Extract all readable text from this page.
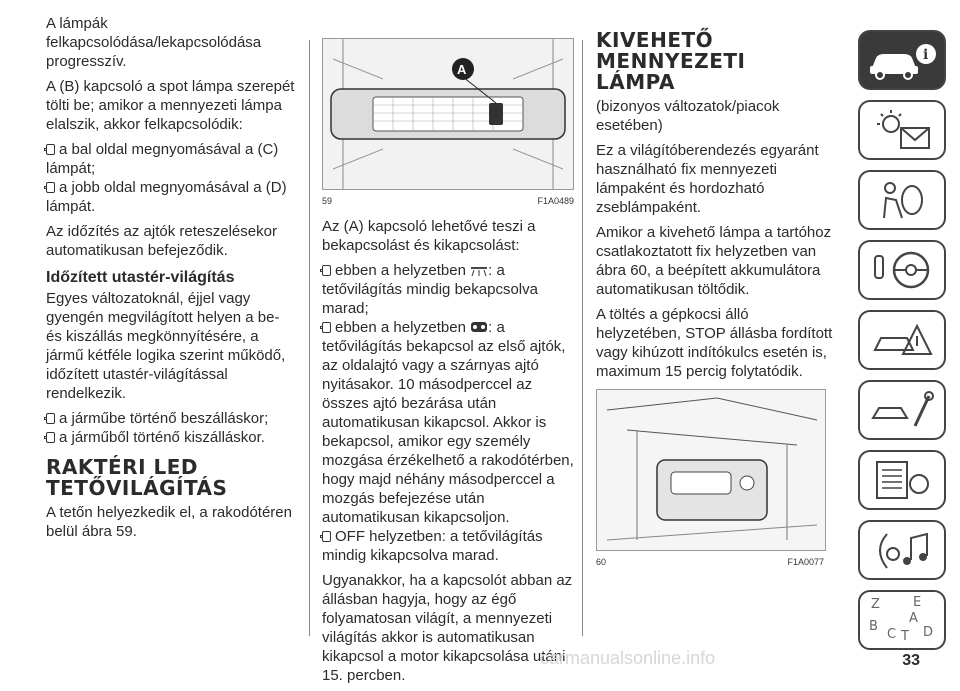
A lámpák felkapcsolódása/lekapcsolódása progresszív.

A (B) kapcsoló a spot lámpa szerepét tölti be; amikor a mennyezeti lámpa elalszik, akkor felkapcsolódik:

a bal oldal megnyomásával a (C) lámpát;

a jobb oldal megnyomásával a (D) lámpát.

Az időzítés az ajtók reteszelésekor automatikusan befejeződik.

Időzített utastér-világítás

Egyes változatoknál, éjjel vagy gyengén megvilágított helyen a be- és kiszállás megkönnyítésére, a jármű kétféle logika szerint működő, időzített utastér-világítással rendelkezik.

a járműbe történő beszálláskor;

a járműből történő kiszálláskor.

RAKTÉRI LED
TETŐVILÁGÍTÁS

A tetőn helyezkedik el, a rakodótéren belül ábra 59.

A
59	F1A0489

Az (A) kapcsoló lehetővé teszi a bekapcsolást és kikapcsolást:

ebben a helyzetben : a tetővilágítás mindig bekapcsolva marad;

ebben a helyzetben : a tetővilágítás bekapcsol az első ajtók, az oldalajtó vagy a szárnyas ajtó nyitásakor. 10 másodperccel az összes ajtó bezárása után automatikusan kikapcsol. Akkor is bekapcsol, amikor egy személy mozgása érzékelhető a rakodótérben, hogy majd néhány másodperccel a mozgás befejezése után automatikusan kikapcsoljon.

OFF helyzetben: a tetővilágítás mindig kikapcsolva marad.

Ugyanakkor, ha a kapcsolót abban az állásban hagyja, hogy az égő folyamatosan világít, a mennyezeti világítás akkor is automatikusan kikapcsol a motor kikapcsolása utáni 15. percben.

KIVEHETŐ MENNYEZETI
LÁMPA

(bizonyos változatok/piacok esetében)

Ez a világítóberendezés egyaránt használható fix mennyezeti lámpaként és hordozható zseblámpaként.

Amikor a kivehető lámpa a tartóhoz csatlakoztatott fix helyzetben van ábra 60, a beépített akkumulátora automatikusan töltődik.

A töltés a gépkocsi álló helyzetében, STOP állásba fordított vagy kihúzott indítókulcs esetén is, maximum 15 percig folytatódik.

60	F1A0077
i
Z	E
A
B
C T D
carmanualsonline.info	33
